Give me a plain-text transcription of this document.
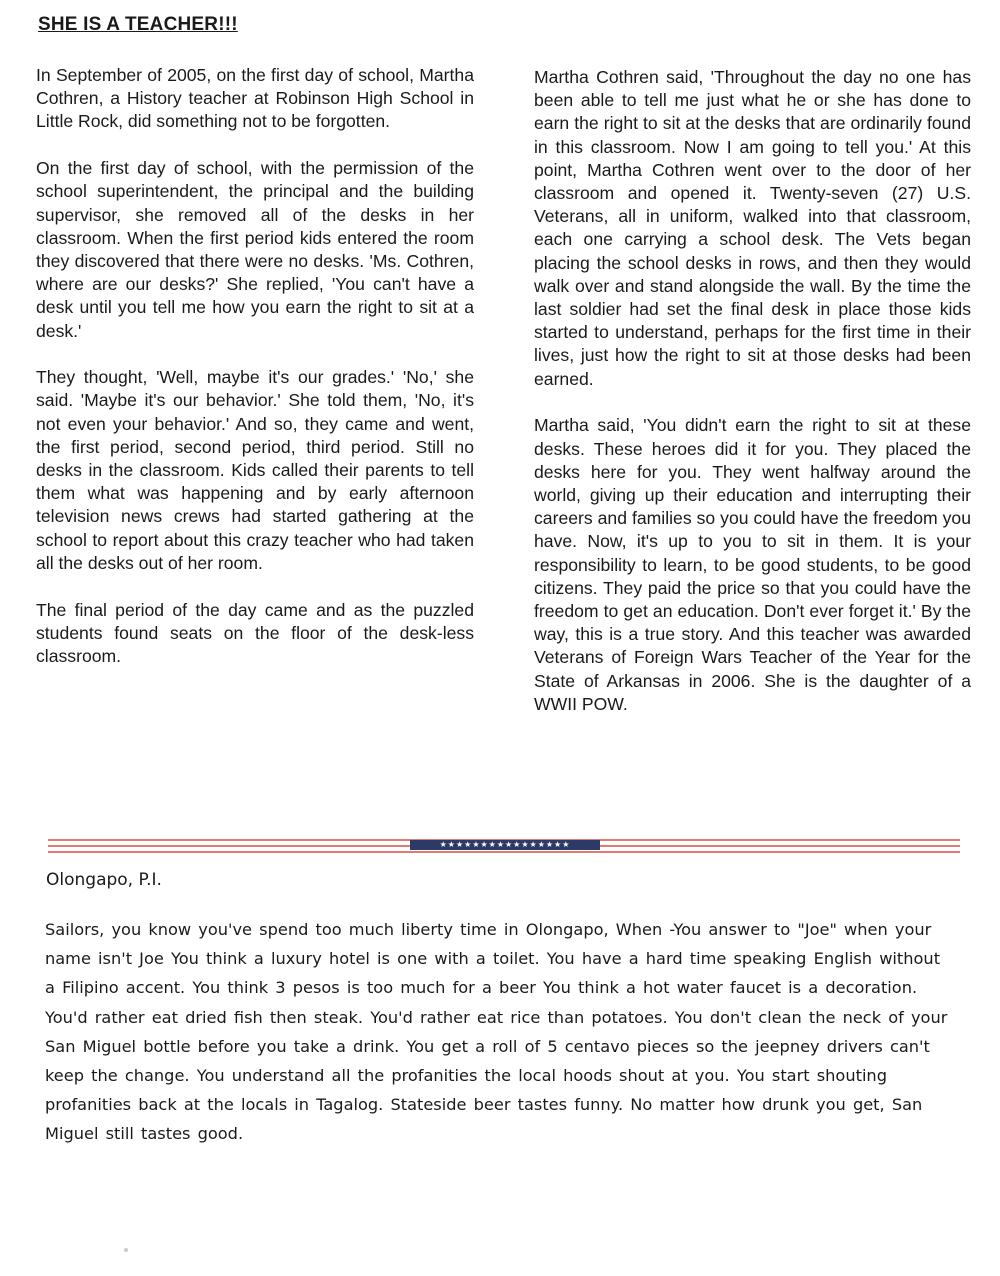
SHE IS A TEACHER!!!

In September of 2005, on the first day of school, Martha Cothren, a History teacher at Robinson High School in Little Rock, did something not to be forgotten.

On the first day of school, with the permission of the school superintendent, the principal and the building supervisor, she removed all of the desks in her classroom. When the first period kids entered the room they discovered that there were no desks. 'Ms. Cothren, where are our desks?' She replied, 'You can't have a desk until you tell me how you earn the right to sit at a desk.'

They thought, 'Well, maybe it's our grades.' 'No,' she said. 'Maybe it's our behavior.' She told them, 'No, it's not even your behavior.' And so, they came and went, the first period, second period, third period. Still no desks in the classroom. Kids called their parents to tell them what was happening and by early afternoon television news crews had started gathering at the school to report about this crazy teacher who had taken all the desks out of her room.

The final period of the day came and as the puzzled students found seats on the floor of the desk-less classroom.

Martha Cothren said, 'Throughout the day no one has been able to tell me just what he or she has done to earn the right to sit at the desks that are ordinarily found in this classroom. Now I am going to tell you.' At this point, Martha Cothren went over to the door of her classroom and opened it. Twenty-seven (27) U.S. Veterans, all in uniform, walked into that classroom, each one carrying a school desk. The Vets began placing the school desks in rows, and then they would walk over and stand alongside the wall. By the time the last soldier had set the final desk in place those kids started to understand, perhaps for the first time in their lives, just how the right to sit at those desks had been earned.

Martha said, 'You didn't earn the right to sit at these desks. These heroes did it for you. They placed the desks here for you. They went halfway around the world, giving up their education and interrupting their careers and families so you could have the freedom you have. Now, it's up to you to sit in them. It is your responsibility to learn, to be good students, to be good citizens. They paid the price so that you could have the freedom to get an education. Don't ever forget it.' By the way, this is a true story. And this teacher was awarded Veterans of Foreign Wars Teacher of the Year for the State of Arkansas in 2006. She is the daughter of a WWII POW.

★★★★★★★★★★★★★★★★
Olongapo, P.I.
Sailors, you know you've spend too much liberty time in Olongapo, When -You answer to "Joe" when your name isn't Joe You think a luxury hotel is one with a toilet. You have a hard time speaking English without a Filipino accent. You think 3 pesos is too much for a beer You think a hot water faucet is a decoration. You'd rather eat dried fish then steak. You'd rather eat rice than potatoes. You don't clean the neck of your San Miguel bottle before you take a drink. You get a roll of 5 centavo pieces so the jeepney drivers can't keep the change. You understand all the profanities the local hoods shout at you. You start shouting profanities back at the locals in Tagalog. Stateside beer tastes funny. No matter how drunk you get, San Miguel still tastes good.
